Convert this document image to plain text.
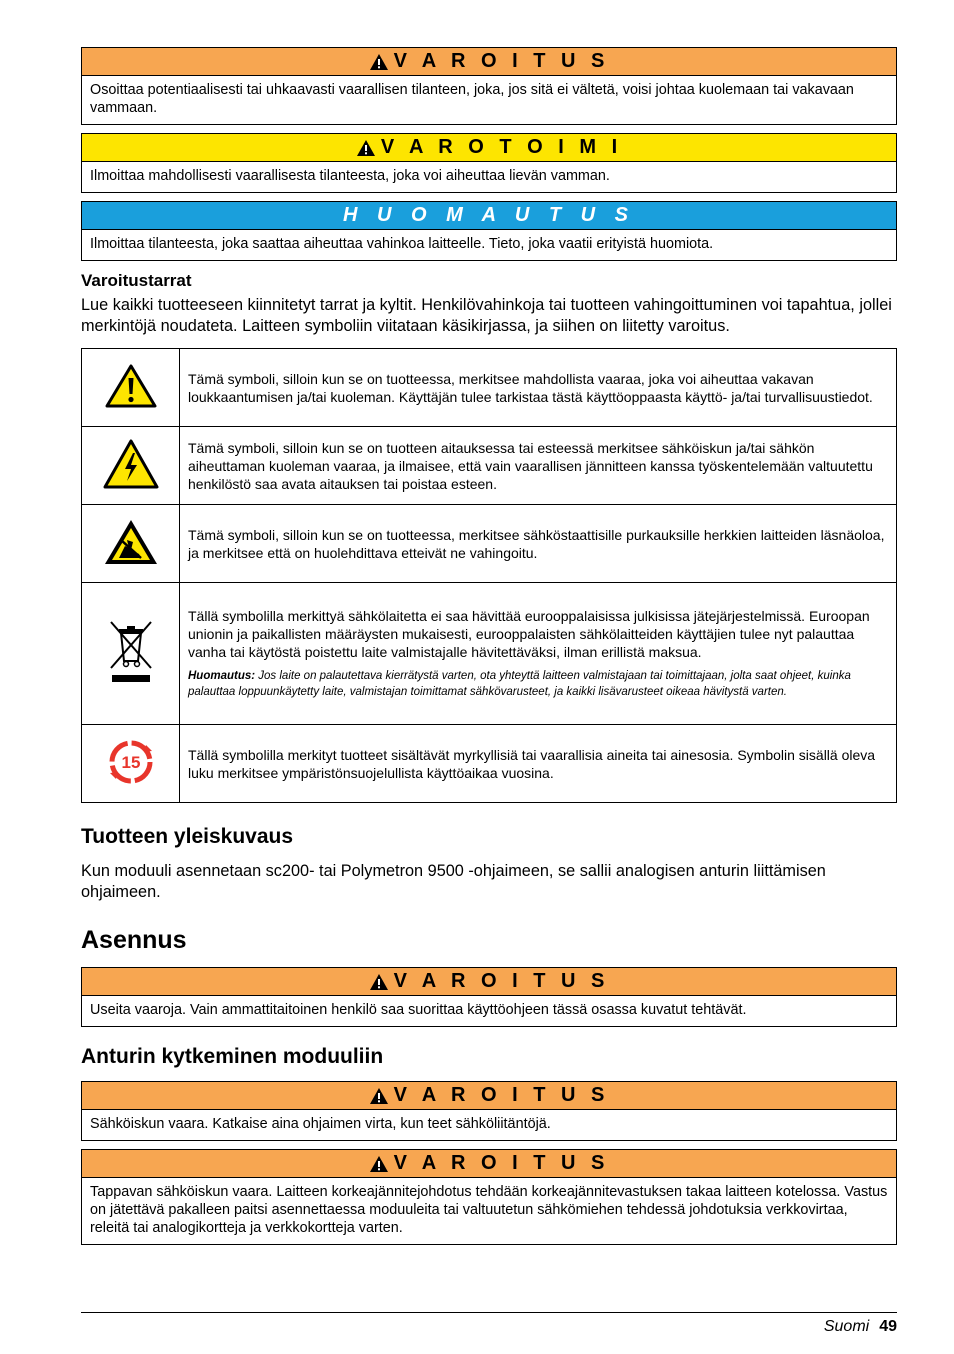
V A R O I T U S
Osoittaa potentiaalisesti tai uhkaavasti vaarallisen tilanteen, joka, jos sitä ei vältetä, voisi johtaa kuolemaan tai vakavaan vammaan.
V A R O T O I M I
Ilmoittaa mahdollisesti vaarallisesta tilanteesta, joka voi aiheuttaa lievän vamman.
H U O M A U T U S
Ilmoittaa tilanteesta, joka saattaa aiheuttaa vahinkoa laitteelle. Tieto, joka vaatii erityistä huomiota.
Varoitustarrat

Lue kaikki tuotteeseen kiinnitetyt tarrat ja kyltit. Henkilövahinkoja tai tuotteen vahingoittuminen voi tapahtua, jollei merkintöjä noudateta. Laitteen symboliin viitataan käsikirjassa, ja siihen on liitetty varoitus.

	Tämä symboli, silloin kun se on tuotteessa, merkitsee mahdollista vaaraa, joka voi aiheuttaa vakavan loukkaantumisen ja/tai kuoleman. Käyttäjän tulee tarkistaa tästä käyttöoppaasta käyttö- ja/tai turvallisuustiedot.
	Tämä symboli, silloin kun se on tuotteen aitauksessa tai esteessä merkitsee sähköiskun ja/tai sähkön aiheuttaman kuoleman vaaraa, ja ilmaisee, että vain vaarallisen jännitteen kanssa työskentelemään valtuutettu henkilöstö saa avata aitauksen tai poistaa esteen.
	Tämä symboli, silloin kun se on tuotteessa, merkitsee sähköstaattisille purkauksille herkkien laitteiden läsnäoloa, ja merkitsee että on huolehdittava etteivät ne vahingoitu.

Tällä symbolilla merkittyä sähkölaitetta ei saa hävittää eurooppalaisissa julkisissa jätejärjestelmissä. Euroopan unionin ja paikallisten määräysten mukaisesti, eurooppalaisten sähkölaitteiden käyttäjien tulee nyt palauttaa vanha tai käytöstä poistettu laite valmistajalle hävitettäväksi, ilman erillistä maksua.
Huomautus: Jos laite on palautettava kierrätystä varten, ota yhteyttä laitteen valmistajaan tai toimittajaan, jolta saat ohjeet, kuinka palauttaa loppuunkäytetty laite, valmistajan toimittamat sähkövarusteet, ja kaikki lisävarusteet oikeaa hävitystä varten.

15	Tällä symbolilla merkityt tuotteet sisältävät myrkyllisiä tai vaarallisia aineita tai ainesosia. Symbolin sisällä oleva luku merkitsee ympäristönsuojelullista käyttöaikaa vuosina.
Tuotteen yleiskuvaus

Kun moduuli asennetaan sc200- tai Polymetron 9500 -ohjaimeen, se sallii analogisen anturin liittämisen ohjaimeen.

Asennus
V A R O I T U S
Useita vaaroja. Vain ammattitaitoinen henkilö saa suorittaa käyttöohjeen tässä osassa kuvatut tehtävät.
Anturin kytkeminen moduuliin
V A R O I T U S
Sähköiskun vaara. Katkaise aina ohjaimen virta, kun teet sähköliitäntöjä.
V A R O I T U S
Tappavan sähköiskun vaara. Laitteen korkeajännitejohdotus tehdään korkeajännitevastuksen takaa laitteen kotelossa. Vastus on jätettävä pakalleen paitsi asennettaessa moduuleita tai valtuutetun sähkömiehen tehdessä johdotuksia verkkovirtaa, releitä tai analogikortteja ja verkkokortteja varten.
Suomi 49
